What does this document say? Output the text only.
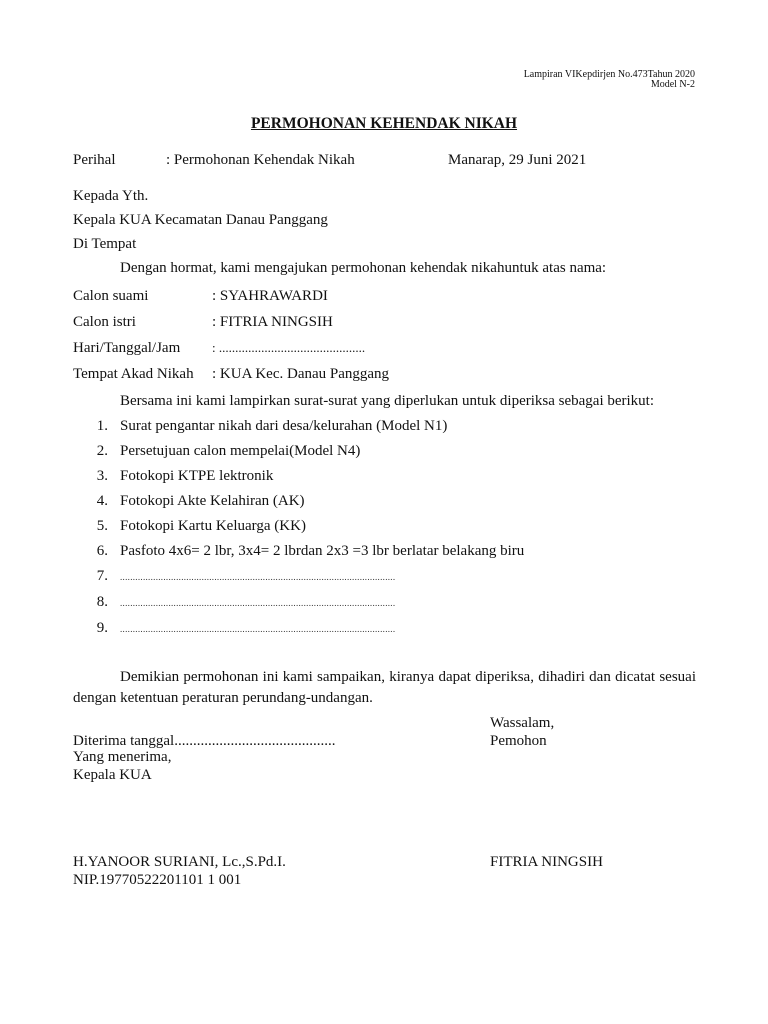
Lampiran VIKepdirjen No.473Tahun 2020
Model N-2
PERMOHONAN KEHENDAK NIKAH
Perihal	: Permohonan Kehendak Nikah	Manarap, 29 Juni 2021
Kepada Yth.
Kepala KUA Kecamatan Danau Panggang
Di Tempat
Dengan hormat, kami mengajukan permohonan kehendak nikahuntuk atas nama:
Calon suami	: SYAHRAWARDI
Calon istri	: FITRIA NINGSIH
Hari/Tanggal/Jam : .............................................
Tempat Akad Nikah : KUA Kec. Danau Panggang
Bersama ini kami lampirkan surat-surat yang diperlukan untuk diperiksa sebagai berikut:
1. Surat pengantar nikah dari desa/kelurahan (Model N1)
2. Persetujuan calon mempelai(Model N4)
3. Fotokopi KTPE lektronik
4. Fotokopi Akte Kelahiran (AK)
5. Fotokopi Kartu Keluarga (KK)
6. Pasfoto 4x6= 2 lbr, 3x4= 2 lbrdan 2x3 =3 lbr berlatar belakang biru
7. ............................................................................................................
8. ............................................................................................................
9. ............................................................................................................
Demikian permohonan ini kami sampaikan, kiranya dapat diperiksa, dihadiri dan dicatat sesuai dengan ketentuan peraturan perundang-undangan.
Wassalam,
Pemohon
FITRIA NINGSIH
Diterima tanggal...........................................
Yang menerima,
Kepala KUA
H.YANOOR SURIANI, Lc.,S.Pd.I.
NIP.19770522201101 1 001
